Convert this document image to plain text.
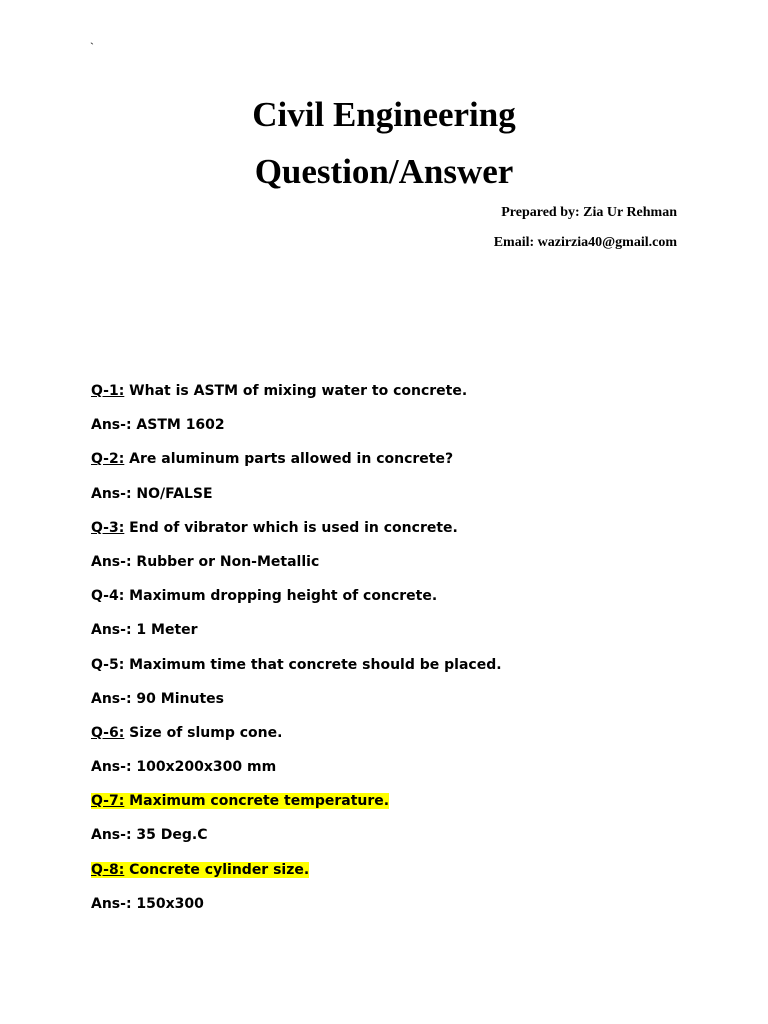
`
Civil Engineering
Question/Answer
Prepared by: Zia Ur Rehman
Email: wazirzia40@gmail.com
Q-1: What is ASTM of mixing water to concrete.
Ans-: ASTM 1602
Q-2: Are aluminum parts allowed in concrete?
Ans-: NO/FALSE
Q-3: End of vibrator which is used in concrete.
Ans-: Rubber or Non-Metallic
Q-4: Maximum dropping height of concrete.
Ans-: 1 Meter
Q-5: Maximum time that concrete should be placed.
Ans-: 90 Minutes
Q-6: Size of slump cone.
Ans-: 100x200x300 mm
Q-7: Maximum concrete temperature.
Ans-: 35 Deg.C
Q-8: Concrete cylinder size.
Ans-: 150x300
